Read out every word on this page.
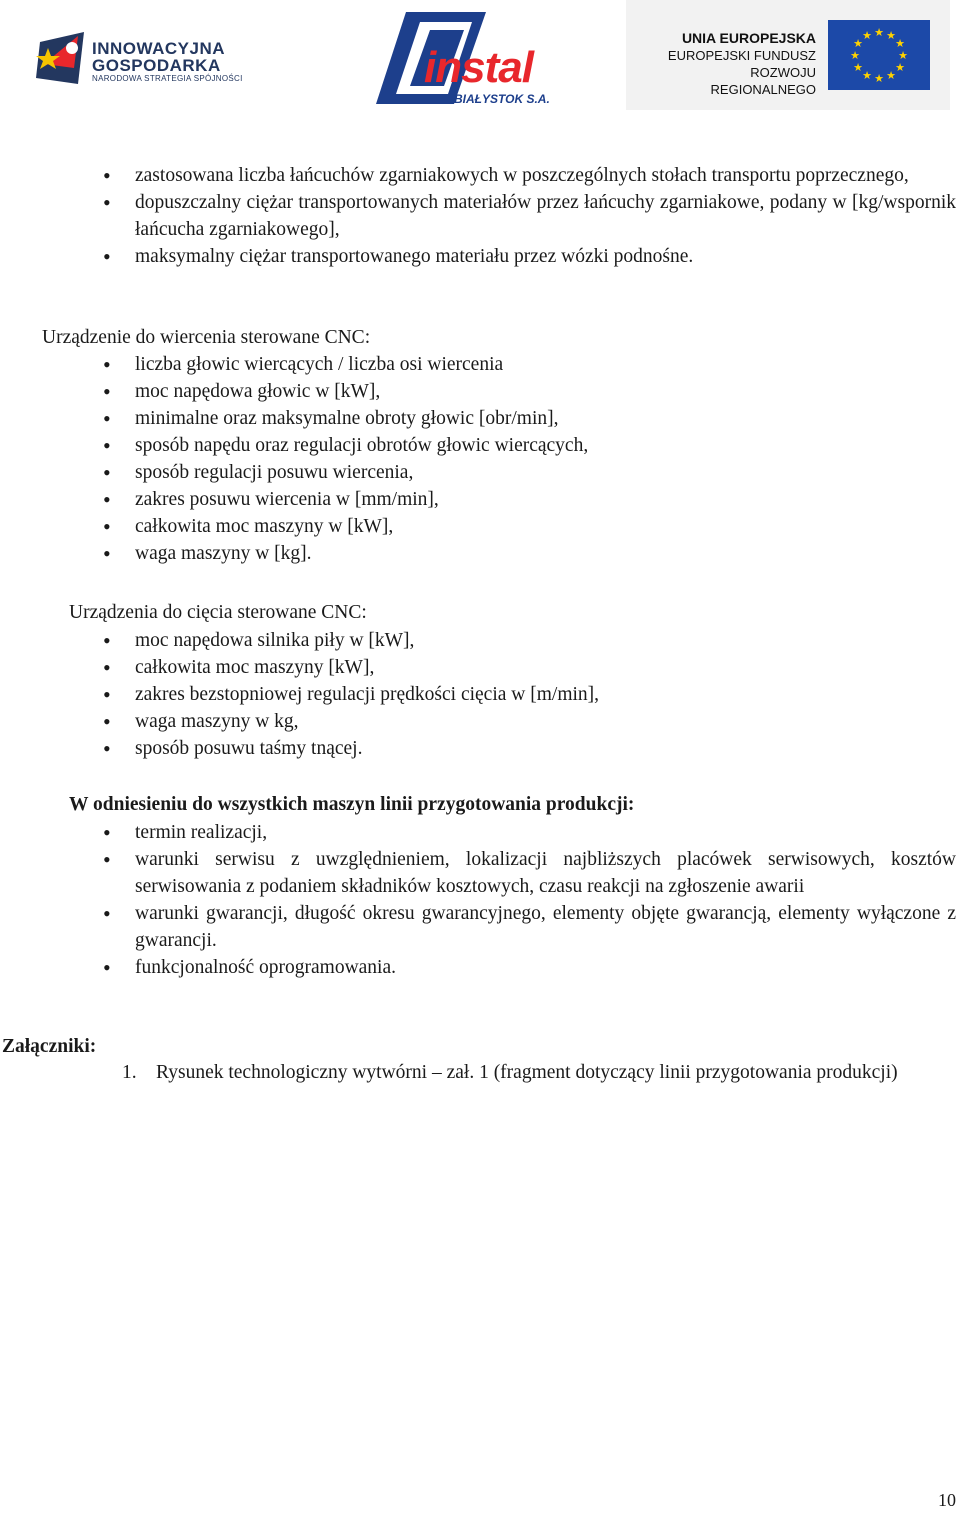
INNOWACYJNA
GOSPODARKA
NARODOWA STRATEGIA SPÓJNOŚCI	instal
BIAŁYSTOK S.A.
UNIA EUROPEJSKA
EUROPEJSKI FUNDUSZ
ROZWOJU REGIONALNEGO
★ ★
★
★
★
★
★
★
★
★
★
★
• zastosowana liczba łańcuchów zgarniakowych w poszczególnych stołach transportu poprzecznego,
• dopuszczalny ciężar transportowanych materiałów przez łańcuchy zgarniakowe, podany w [kg/wspornik łańcucha zgarniakowego],
• maksymalny ciężar transportowanego materiału przez wózki podnośne.
Urządzenie do wiercenia sterowane CNC:
• liczba głowic wiercących / liczba osi wiercenia
• moc napędowa głowic w [kW],
• minimalne oraz maksymalne obroty głowic [obr/min],
• sposób napędu oraz regulacji obrotów głowic wiercących,
• sposób regulacji posuwu wiercenia,
• zakres posuwu wiercenia w [mm/min],
• całkowita moc maszyny w [kW],
• waga maszyny w [kg].
Urządzenia do cięcia sterowane CNC:
• moc napędowa silnika piły w [kW],
• całkowita moc maszyny [kW],
• zakres bezstopniowej regulacji prędkości cięcia w [m/min],
• waga maszyny w kg,
• sposób posuwu taśmy tnącej.
W odniesieniu do wszystkich maszyn linii przygotowania produkcji:
• termin realizacji,
• warunki serwisu z uwzględnieniem, lokalizacji najbliższych placówek serwisowych, kosztów serwisowania z podaniem składników kosztowych, czasu reakcji na zgłoszenie awarii
• warunki gwarancji, długość okresu gwarancyjnego, elementy objęte gwarancją, elementy wyłączone z gwarancji.
• funkcjonalność oprogramowania.
Załączniki:
1. Rysunek technologiczny wytwórni – zał. 1 (fragment dotyczący linii przygotowania produkcji)
10
